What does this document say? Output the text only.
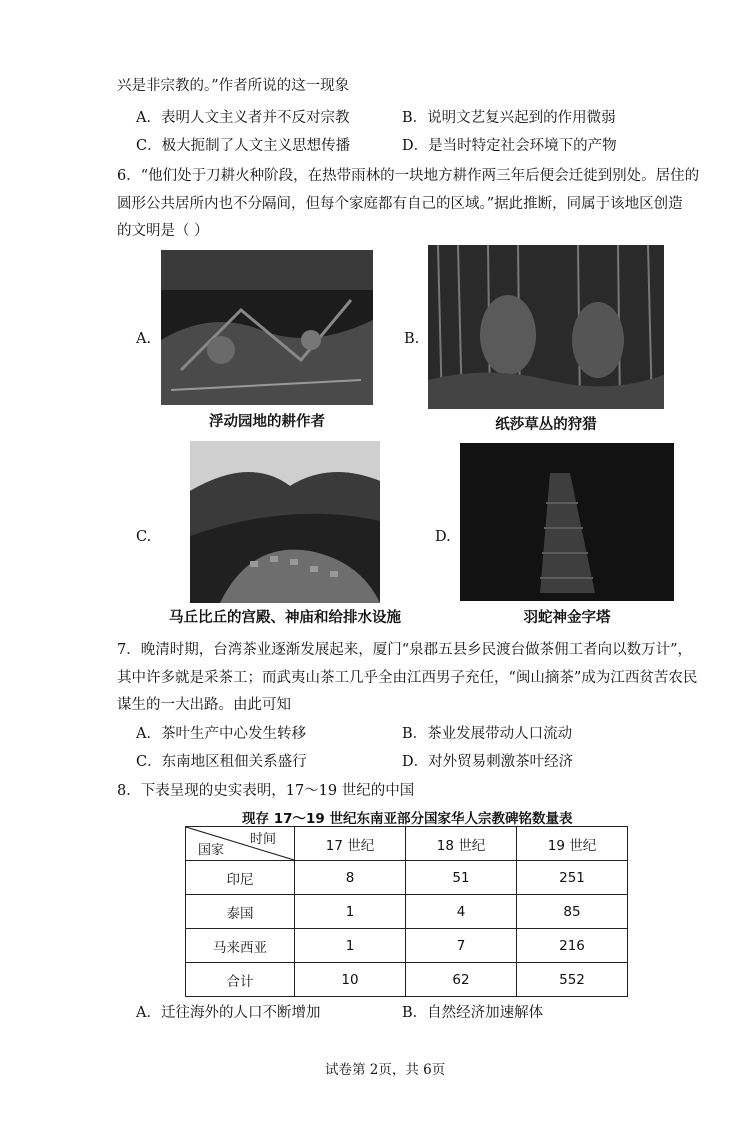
兴是非宗教的。”作者所说的这一现象
A．表明人文主义者并不反对宗教	B．说明文艺复兴起到的作用微弱
C．极大扼制了人文主义思想传播	D．是当时特定社会环境下的产物
6．“他们处于刀耕火种阶段，在热带雨林的一块地方耕作两三年后便会迁徙到别处。居住的
圆形公共居所内也不分隔间，但每个家庭都有自己的区域。”据此推断，同属于该地区创造
的文明是（ ）
A.
浮动园地的耕作者
B.
纸莎草丛的狩猎
C.
马丘比丘的宫殿、神庙和给排水设施
D.
羽蛇神金字塔
7．晚清时期，台湾茶业逐渐发展起来，厦门“泉郡五县乡民渡台做茶佣工者向以数万计”，
其中许多就是采茶工；而武夷山茶工几乎全由江西男子充任，“闽山摘茶”成为江西贫苦农民
谋生的一大出路。由此可知
A．茶叶生产中心发生转移	B．茶业发展带动人口流动
C．东南地区租佃关系盛行	D．对外贸易刺激茶叶经济
8．下表呈现的史实表明，17～19 世纪的中国
现存 17～19 世纪东南亚部分国家华人宗教碑铭数量表
时间
国家	17 世纪	18 世纪	19 世纪
印尼	8	51	251
泰国	1	4	85
马来西亚	1	7	216
合计	10	62	552
A．迁往海外的人口不断增加	B．自然经济加速解体
试卷第 2页，共 6页
